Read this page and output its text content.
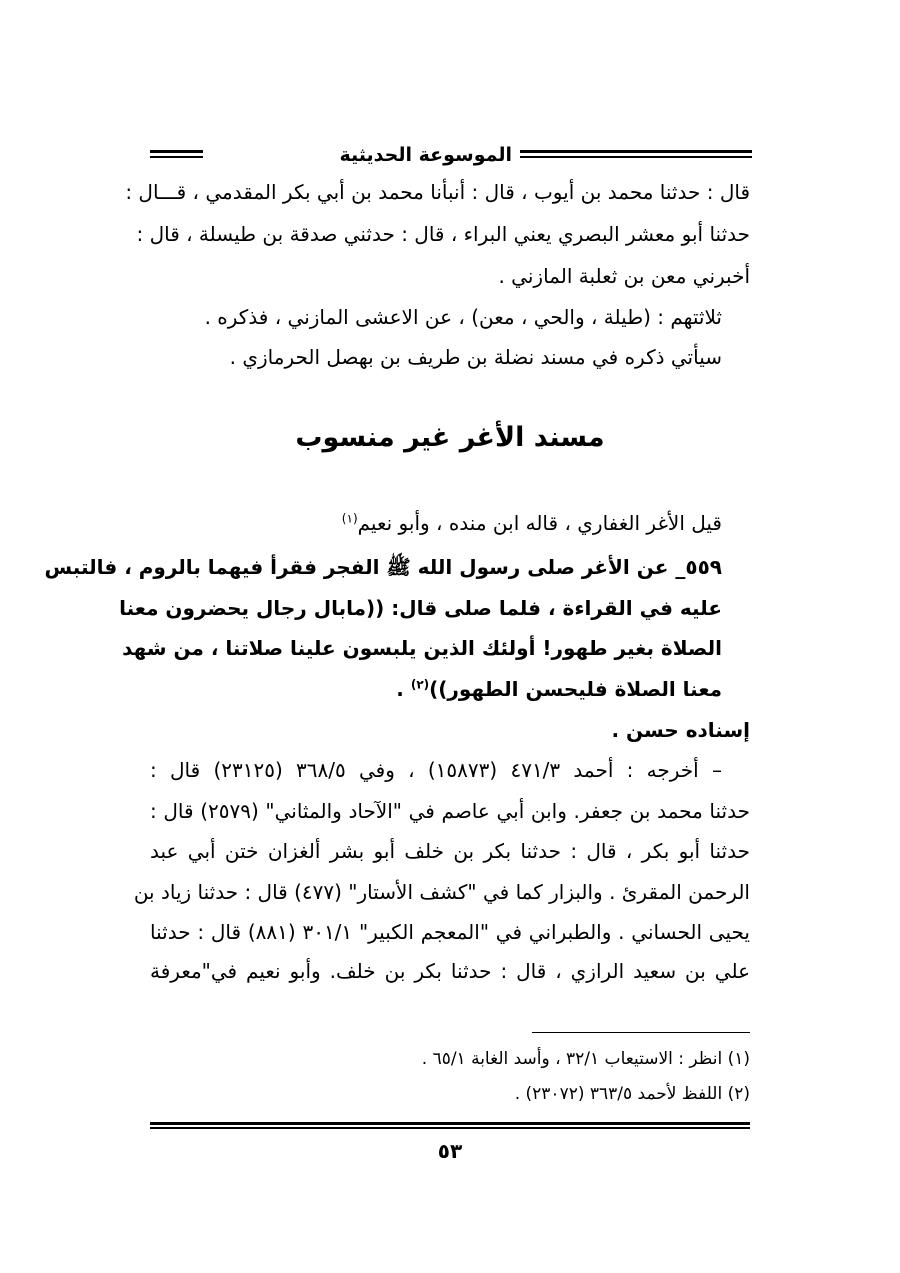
الموسوعة الحديثية
قال : حدثنا محمد بن أيوب ، قال : أنبأنا محمد بن أبي بكر المقدمي ، قـــال :
حدثنا أبو معشر البصري يعني البراء ، قال : حدثني صدقة بن طيسلة ، قال :
أخبرني معن بن ثعلبة المازني .
ثلاثتهم : (طيلة ، والحي ، معن) ، عن الاعشى المازني ، فذكره .
سيأتي ذكره في مسند نضلة بن طريف بن بهصل الحرمازي .
مسند الأغر غير منسوب
قيل الأغر الغفاري ، قاله ابن منده ، وأبو نعيم$^{(١)}$
٥٥٩_ عن الأغر صلى رسول الله ﷺ الفجر فقرأ فيهما بالروم ، فالتبس
عليه في القراءة ، فلما صلى قال: ((مابال رجال يحضرون معنا
الصلاة بغير طهور! أولئك الذين يلبسون علينا صلاتنا ، من شهد
معنا الصلاة فليحسن الطهور))$^{(٢)}$ .
إسناده حسن .
– أخرجه : أحمد ٤٧١/٣ (١٥٨٧٣) ، وفي ٣٦٨/٥ (٢٣١٢٥) قال :
حدثنا محمد بن جعفر. وابن أبي عاصم في "الآحاد والمثاني" (٢٥٧٩) قال :
حدثنا أبو بكر ، قال : حدثنا بكر بن خلف أبو بشر ألغزان ختن أبي عبد
الرحمن المقرئ . والبزار كما في "كشف الأستار" (٤٧٧) قال : حدثنا زياد بن
يحيى الحساني . والطبراني في "المعجم الكبير" ٣٠١/١ (٨٨١) قال : حدثنا
علي بن سعيد الرازي ، قال : حدثنا بكر بن خلف. وأبو نعيم في"معرفة
(١) انظر : الاستيعاب ٣٢/١ ، وأسد الغابة ٦٥/١ .
(٢) اللفظ لأحمد ٣٦٣/٥ (٢٣٠٧٢) .
٥٣
